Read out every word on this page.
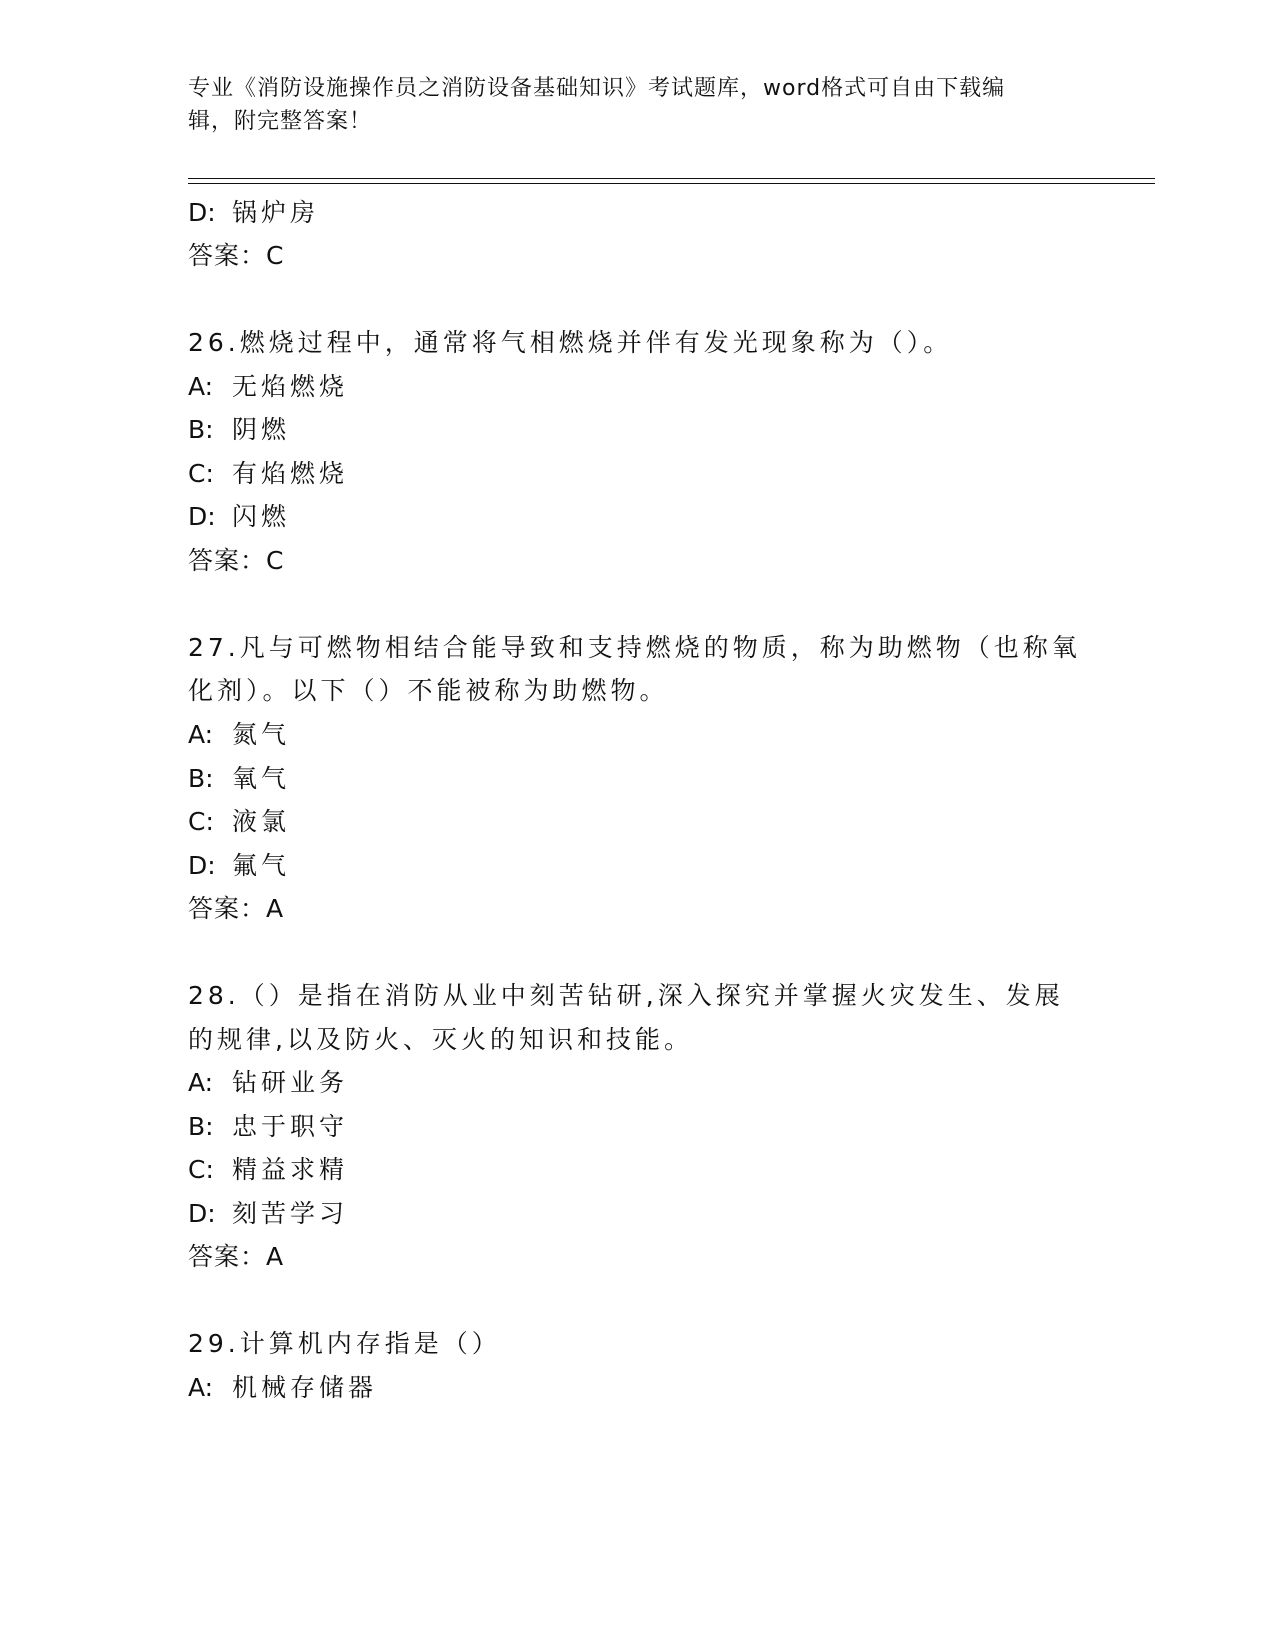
专业《消防设施操作员之消防设备基础知识》考试题库，word格式可自由下载编
辑，附完整答案！
D: 锅炉房
答案：C
26.燃烧过程中，通常将气相燃烧并伴有发光现象称为（）。
A: 无焰燃烧
B: 阴燃
C: 有焰燃烧
D: 闪燃
答案：C
27.凡与可燃物相结合能导致和支持燃烧的物质，称为助燃物（也称氧
化剂）。以下（）不能被称为助燃物。
A: 氮气
B: 氧气
C: 液氯
D: 氟气
答案：A
28.（）是指在消防从业中刻苦钻研,深入探究并掌握火灾发生、发展
的规律,以及防火、灭火的知识和技能。
A: 钻研业务
B: 忠于职守
C: 精益求精
D: 刻苦学习
答案：A
29.计算机内存指是（）
A: 机械存储器
